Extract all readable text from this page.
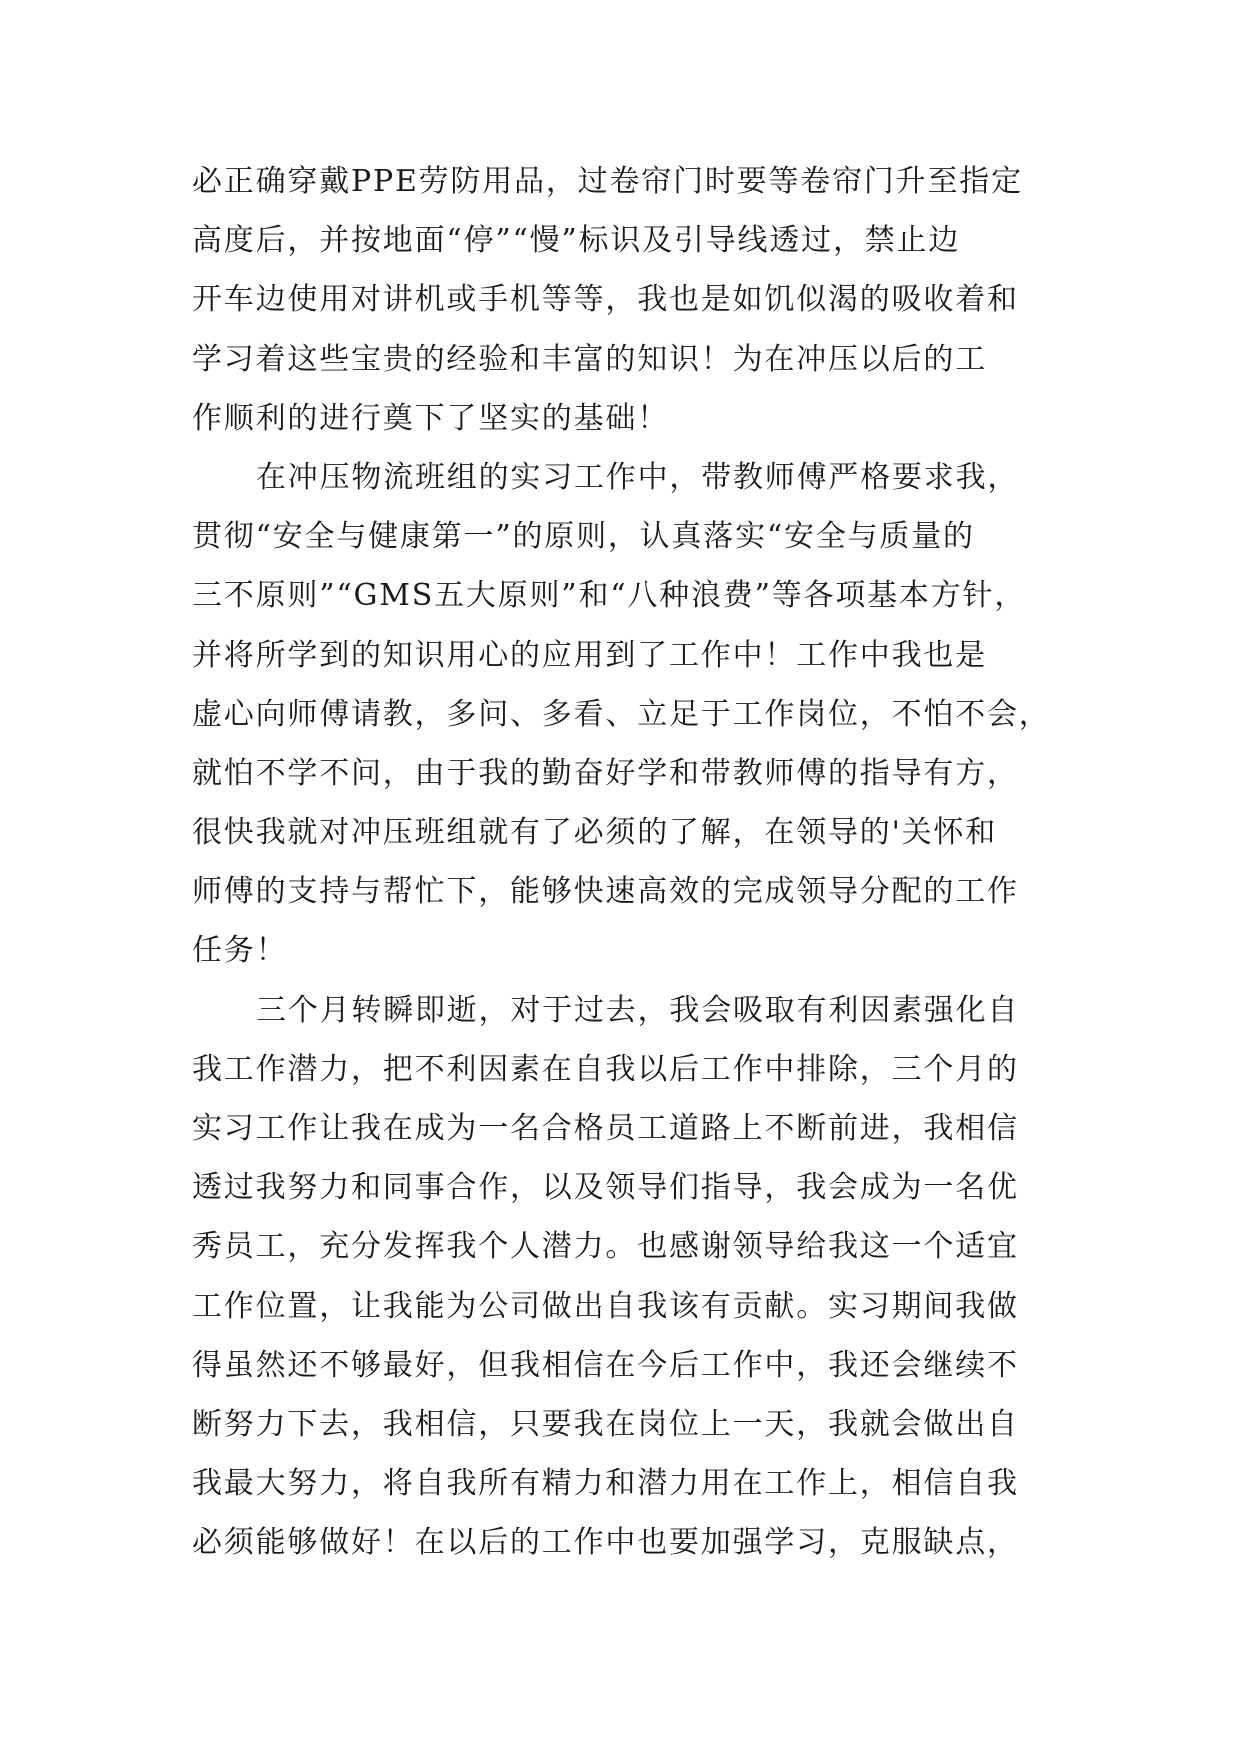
必正确穿戴PPE劳防用品，过卷帘门时要等卷帘门升至指定
高度后，并按地面“停”“慢”标识及引导线透过，禁止边
开车边使用对讲机或手机等等，我也是如饥似渴的吸收着和
学习着这些宝贵的经验和丰富的知识！为在冲压以后的工
作顺利的进行奠下了坚实的基础！
在冲压物流班组的实习工作中，带教师傅严格要求我，
贯彻“安全与健康第一”的原则，认真落实“安全与质量的
三不原则”“GMS五大原则”和“八种浪费”等各项基本方针，
并将所学到的知识用心的应用到了工作中！工作中我也是
虚心向师傅请教，多问、多看、立足于工作岗位，不怕不会，
就怕不学不问，由于我的勤奋好学和带教师傅的指导有方，
很快我就对冲压班组就有了必须的了解，在领导的'关怀和
师傅的支持与帮忙下，能够快速高效的完成领导分配的工作
任务！
三个月转瞬即逝，对于过去，我会吸取有利因素强化自
我工作潜力，把不利因素在自我以后工作中排除，三个月的
实习工作让我在成为一名合格员工道路上不断前进，我相信
透过我努力和同事合作，以及领导们指导，我会成为一名优
秀员工，充分发挥我个人潜力。也感谢领导给我这一个适宜
工作位置，让我能为公司做出自我该有贡献。实习期间我做
得虽然还不够最好，但我相信在今后工作中，我还会继续不
断努力下去，我相信，只要我在岗位上一天，我就会做出自
我最大努力，将自我所有精力和潜力用在工作上，相信自我
必须能够做好！在以后的工作中也要加强学习，克服缺点，
